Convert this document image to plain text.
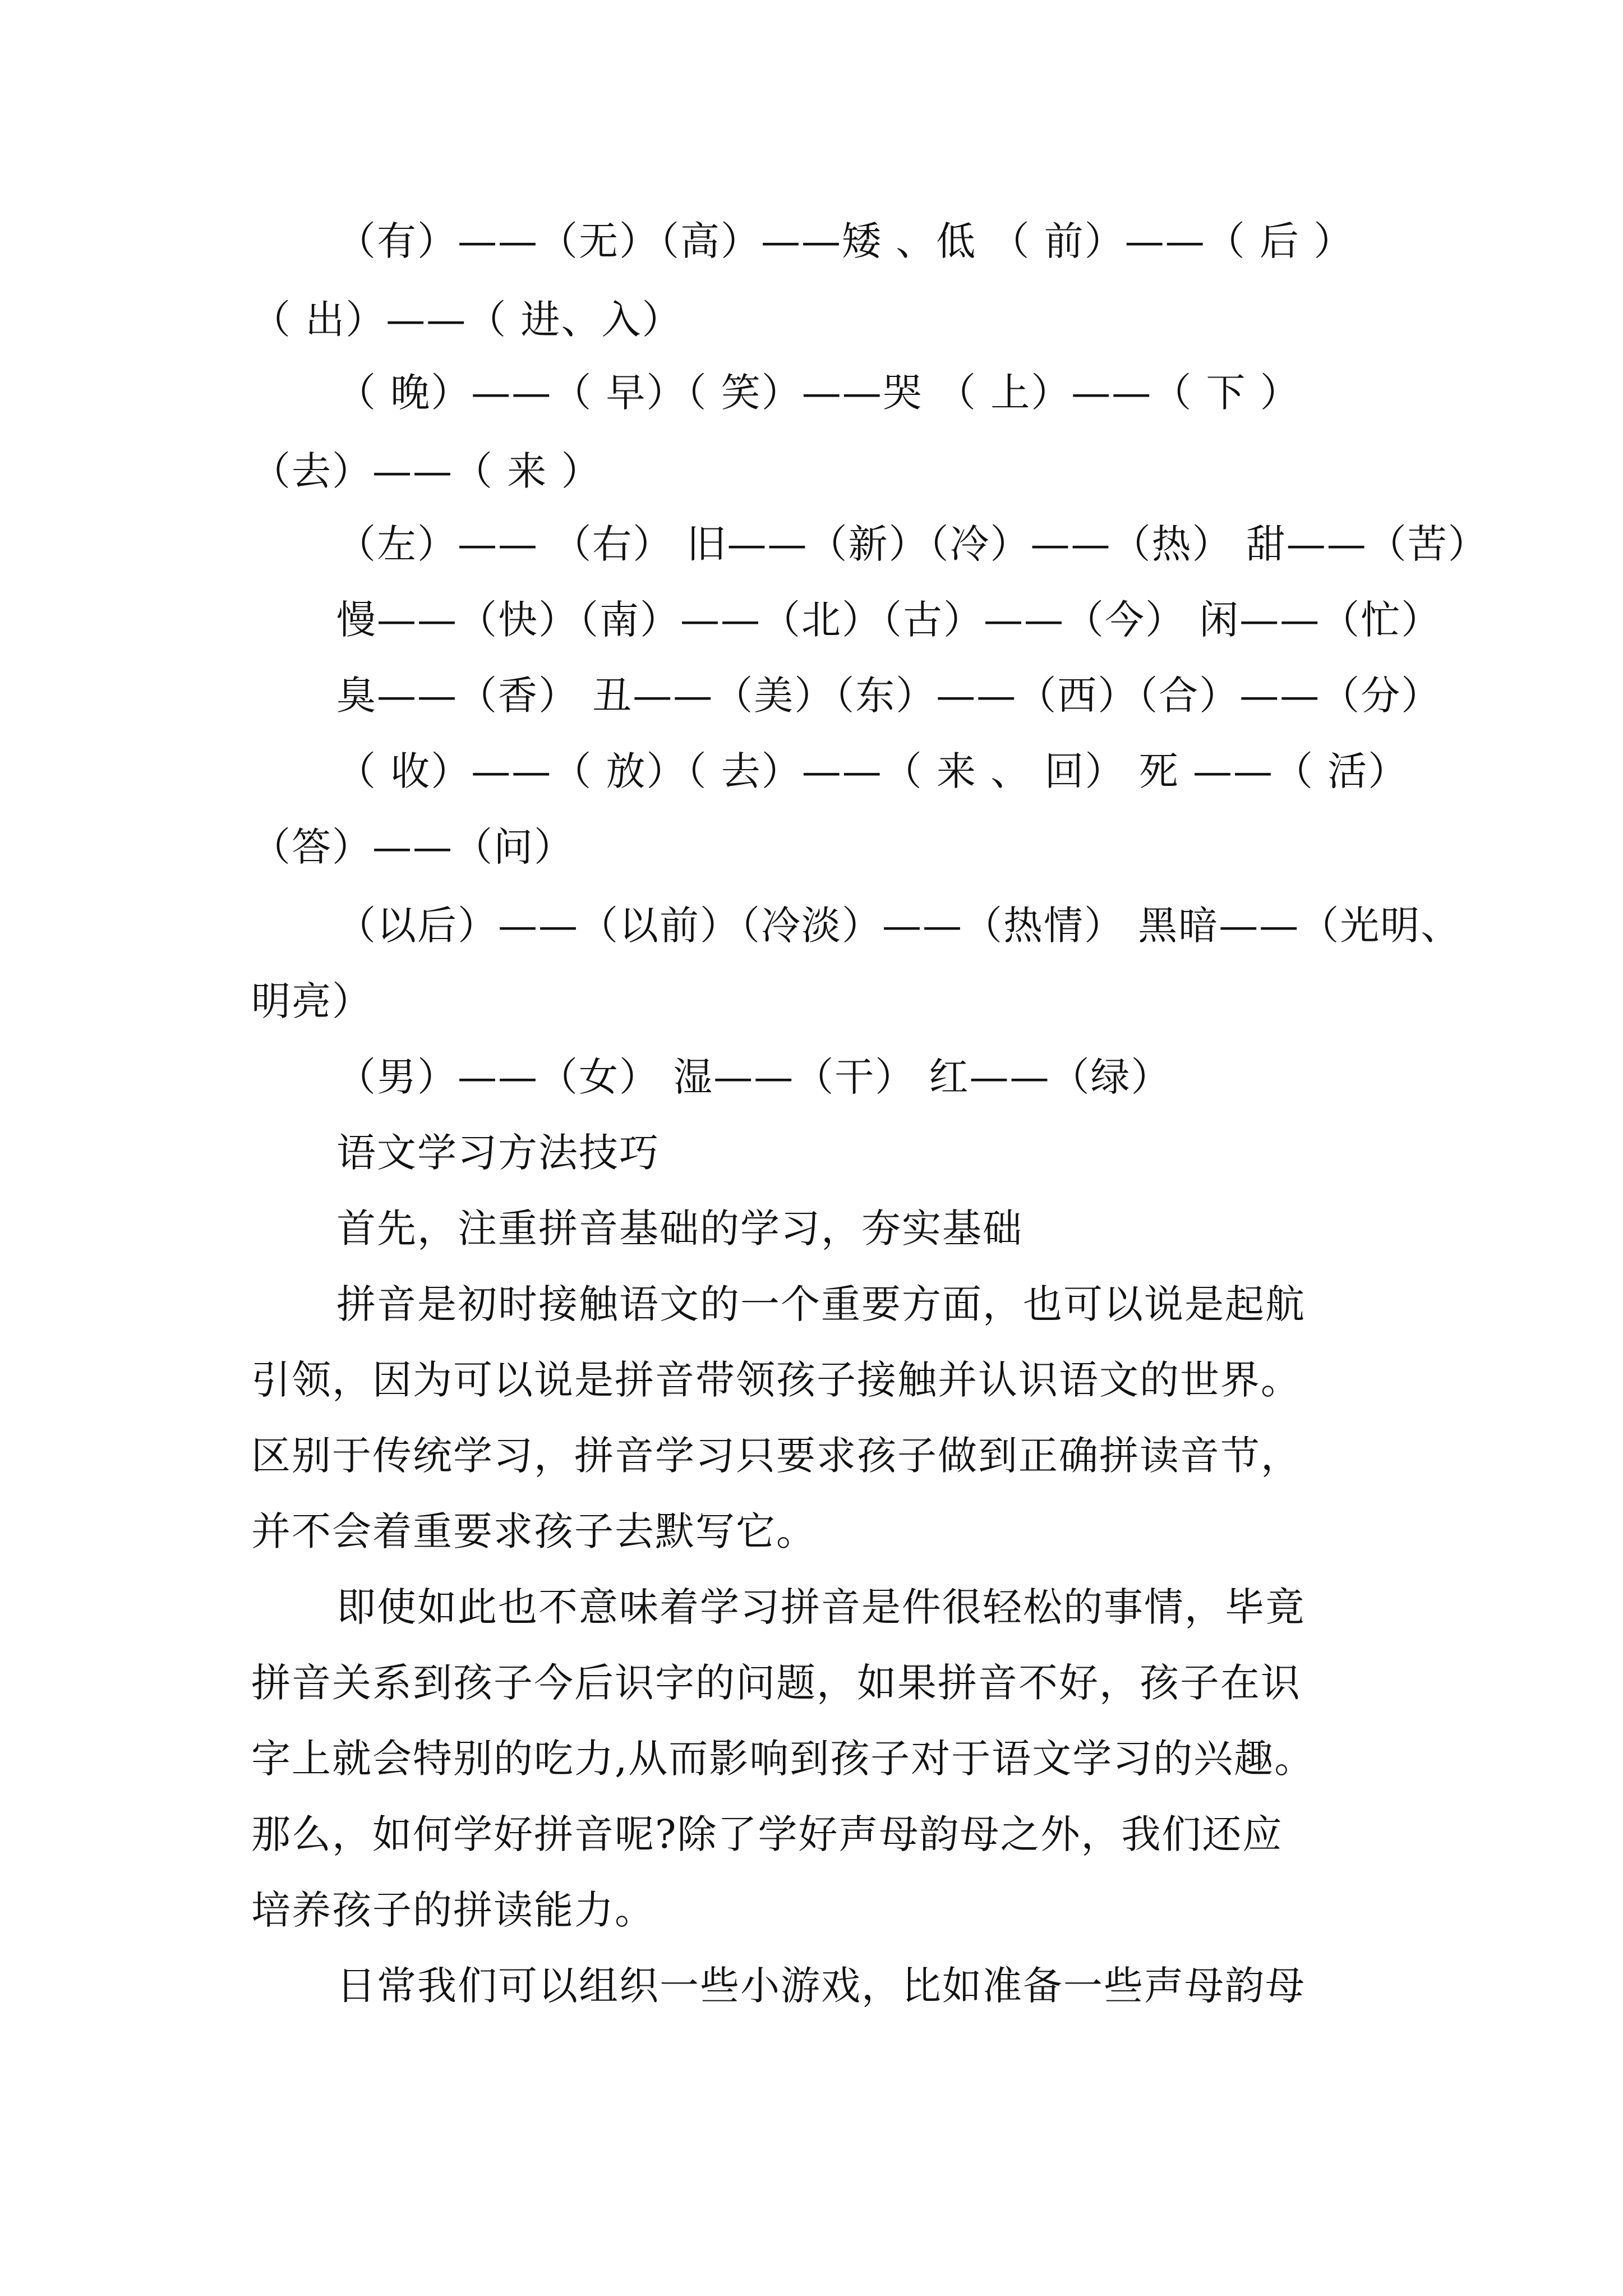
（有）——（无）（高）——矮 、低 （ 前）——（ 后 ）
（ 出）——（ 进、入）
（ 晚）——（ 早）（ 笑）——哭 （ 上）——（ 下 ）
（去）——（ 来 ）
（左）—— （右） 旧——（新）（冷）——（热） 甜——（苦）
慢——（快）（南）——（北）（古）——（今） 闲——（忙）
臭——（香） 丑——（美）（东）——（西）（合）——（分）
（ 收）——（ 放）（ 去）——（ 来 、 回） 死 ——（ 活）
（答）——（问）
（以后）——（以前）（冷淡）——（热情） 黑暗——（光明、
明亮）
（男）——（女） 湿——（干） 红——（绿）
语文学习方法技巧
首先，注重拼音基础的学习，夯实基础
拼音是初时接触语文的一个重要方面，也可以说是起航
引领，因为可以说是拼音带领孩子接触并认识语文的世界。
区别于传统学习，拼音学习只要求孩子做到正确拼读音节，
并不会着重要求孩子去默写它。
即使如此也不意味着学习拼音是件很轻松的事情，毕竟
拼音关系到孩子今后识字的问题，如果拼音不好，孩子在识
字上就会特别的吃力,从而影响到孩子对于语文学习的兴趣。
那么，如何学好拼音呢?除了学好声母韵母之外，我们还应
培养孩子的拼读能力。
日常我们可以组织一些小游戏，比如准备一些声母韵母
